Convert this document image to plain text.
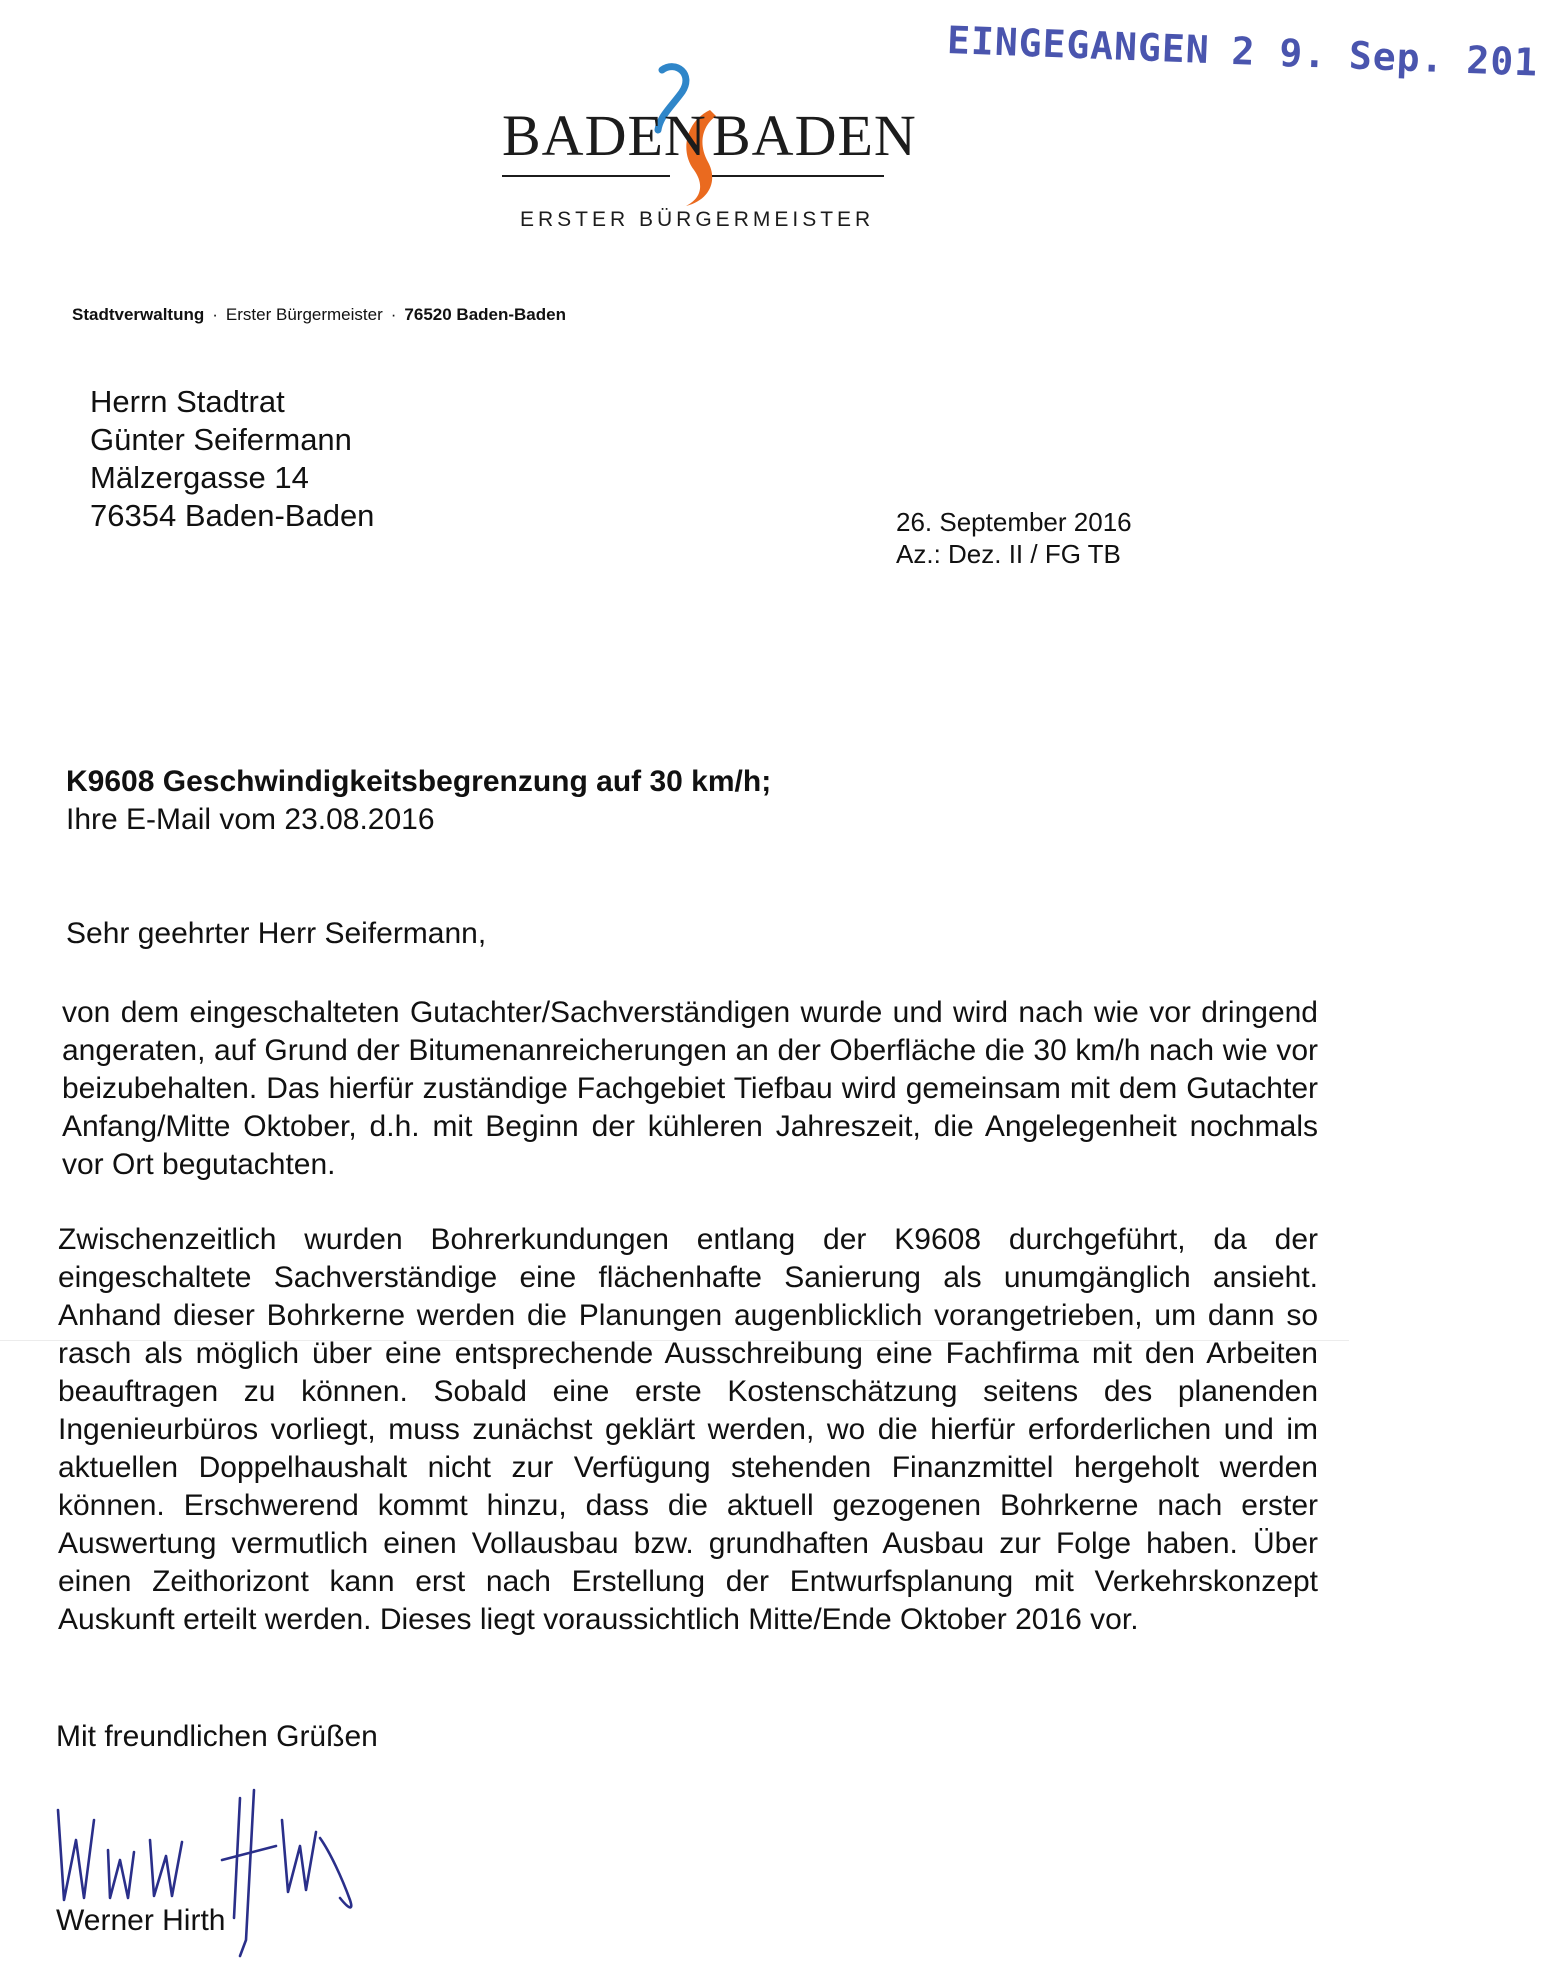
EINGEGANGEN 2 9. Sep. 201
BADEN BADEN
ERSTER BÜRGERMEISTER
Stadtverwaltung · Erster Bürgermeister · 76520 Baden-Baden
Herrn Stadtrat
Günter Seifermann
Mälzergasse 14
76354 Baden-Baden	26. September 2016
Az.: Dez. II / FG TB
K9608 Geschwindigkeitsbegrenzung auf 30 km/h;
Ihre E-Mail vom 23.08.2016
Sehr geehrter Herr Seifermann,
von dem eingeschalteten Gutachter/Sachverständigen wurde und wird nach wie vor dringend angeraten, auf Grund der Bitumenanreicherungen an der Oberfläche die 30 km/h nach wie vor beizubehalten. Das hierfür zuständige Fachgebiet Tiefbau wird gemeinsam mit dem Gutachter Anfang/Mitte Oktober, d.h. mit Beginn der kühleren Jahreszeit, die Angelegenheit nochmals vor Ort begutachten.
Zwischenzeitlich wurden Bohrerkundungen entlang der K9608 durchgeführt, da der eingeschaltete Sachverständige eine flächenhafte Sanierung als unumgänglich ansieht. Anhand dieser Bohrkerne werden die Planungen augenblicklich vorangetrieben, um dann so rasch als möglich über eine entsprechende Ausschreibung eine Fachfirma mit den Arbeiten beauftragen zu können. Sobald eine erste Kostenschätzung seitens des planenden Ingenieurbüros vorliegt, muss zunächst geklärt werden, wo die hierfür erforderlichen und im aktuellen Doppelhaushalt nicht zur Verfügung stehenden Finanzmittel hergeholt werden können. Erschwerend kommt hinzu, dass die aktuell gezogenen Bohrkerne nach erster Auswertung vermutlich einen Vollausbau bzw. grundhaften Ausbau zur Folge haben. Über einen Zeithorizont kann erst nach Erstellung der Entwurfsplanung mit Verkehrskonzept Auskunft erteilt werden. Dieses liegt voraussichtlich Mitte/Ende Oktober 2016 vor.
Mit freundlichen Grüßen
Werner Hirth
